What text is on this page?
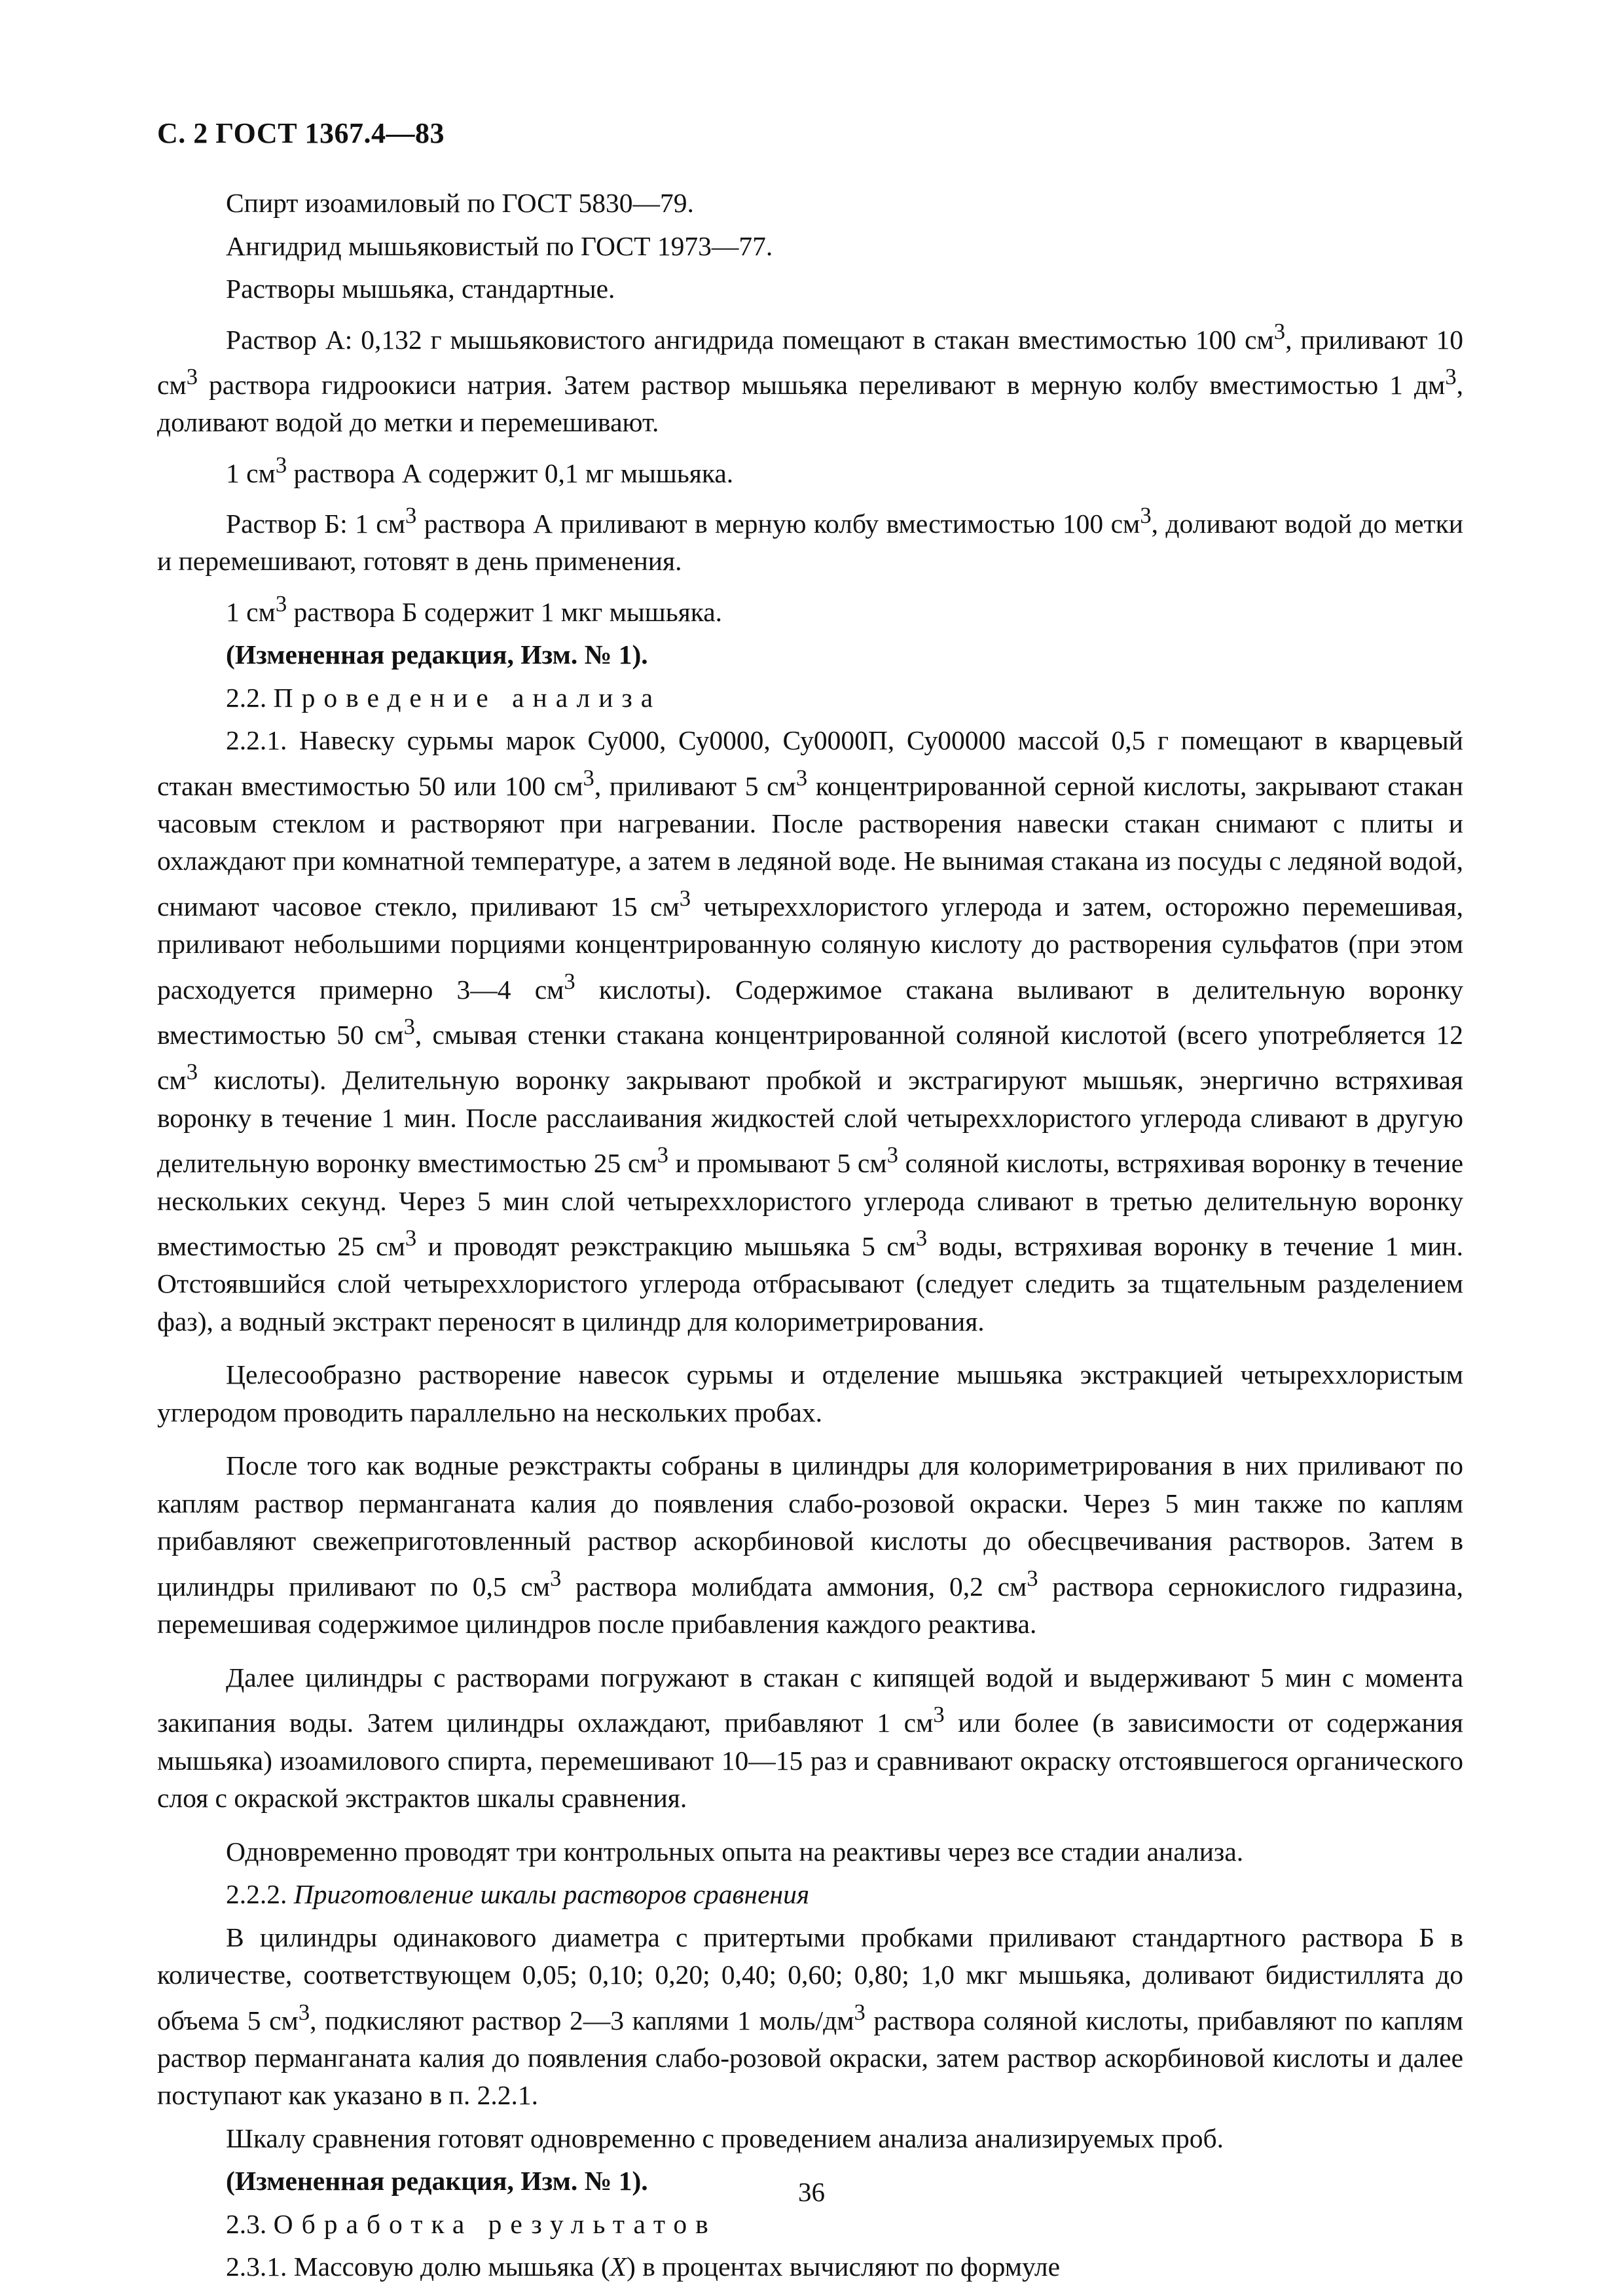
С. 2 ГОСТ 1367.4—83

Спирт изоамиловый по ГОСТ 5830—79.

Ангидрид мышьяковистый по ГОСТ 1973—77.

Растворы мышьяка, стандартные.

Раствор А: 0,132 г мышьяковистого ангидрида помещают в стакан вместимостью 100 $см^3$, приливают 10 $см^3$ раствора гидроокиси натрия. Затем раствор мышьяка переливают в мерную колбу вместимостью 1 $дм^3$, доливают водой до метки и перемешивают.

1 $см^3$ раствора А содержит 0,1 мг мышьяка.

Раствор Б: 1 $см^3$ раствора А приливают в мерную колбу вместимостью 100 $см^3$, доливают водой до метки и перемешивают, готовят в день применения.

1 $см^3$ раствора Б содержит 1 мкг мышьяка.

(Измененная редакция, Изм. № 1).

2.2. Проведение анализа

2.2.1. Навеску сурьмы марок Су000, Су0000, Су0000П, Су00000 массой 0,5 г помещают в кварцевый стакан вместимостью 50 или 100 $см^3$, приливают 5 $см^3$ концентрированной серной кислоты, закрывают стакан часовым стеклом и растворяют при нагревании. После растворения навески стакан снимают с плиты и охлаждают при комнатной температуре, а затем в ледяной воде. Не вынимая стакана из посуды с ледяной водой, снимают часовое стекло, приливают 15 $см^3$ четыреххлористого углерода и затем, осторожно перемешивая, приливают небольшими порциями концентрированную соляную кислоту до растворения сульфатов (при этом расходуется примерно 3—4 $см^3$ кислоты). Содержимое стакана выливают в делительную воронку вместимостью 50 $см^3$, смывая стенки стакана концентрированной соляной кислотой (всего употребляется 12 $см^3$ кислоты). Делительную воронку закрывают пробкой и экстрагируют мышьяк, энергично встряхивая воронку в течение 1 мин. После расслаивания жидкостей слой четыреххлористого углерода сливают в другую делительную воронку вместимостью 25 $см^3$ и промывают 5 $см^3$ соляной кислоты, встряхивая воронку в течение нескольких секунд. Через 5 мин слой четыреххлористого углерода сливают в третью делительную воронку вместимостью 25 $см^3$ и проводят реэкстракцию мышьяка 5 $см^3$ воды, встряхивая воронку в течение 1 мин. Отстоявшийся слой четыреххлористого углерода отбрасывают (следует следить за тщательным разделением фаз), а водный экстракт переносят в цилиндр для колориметрирования.

Целесообразно растворение навесок сурьмы и отделение мышьяка экстракцией четыреххлористым углеродом проводить параллельно на нескольких пробах.

После того как водные реэкстракты собраны в цилиндры для колориметрирования в них приливают по каплям раствор перманганата калия до появления слабо-розовой окраски. Через 5 мин также по каплям прибавляют свежеприготовленный раствор аскорбиновой кислоты до обесцвечивания растворов. Затем в цилиндры приливают по 0,5 $см^3$ раствора молибдата аммония, 0,2 $см^3$ раствора сернокислого гидразина, перемешивая содержимое цилиндров после прибавления каждого реактива.

Далее цилиндры с растворами погружают в стакан с кипящей водой и выдерживают 5 мин с момента закипания воды. Затем цилиндры охлаждают, прибавляют 1 $см^3$ или более (в зависимости от содержания мышьяка) изоамилового спирта, перемешивают 10—15 раз и сравнивают окраску отстоявшегося органического слоя с окраской экстрактов шкалы сравнения.

Одновременно проводят три контрольных опыта на реактивы через все стадии анализа.

2.2.2. Приготовление шкалы растворов сравнения

В цилиндры одинакового диаметра с притертыми пробками приливают стандартного раствора Б в количестве, соответствующем 0,05; 0,10; 0,20; 0,40; 0,60; 0,80; 1,0 мкг мышьяка, доливают бидистиллята до объема 5 $см^3$, подкисляют раствор 2—3 каплями 1 моль/$дм^3$ раствора соляной кислоты, прибавляют по каплям раствор перманганата калия до появления слабо-розовой окраски, затем раствор аскорбиновой кислоты и далее поступают как указано в п. 2.2.1.

Шкалу сравнения готовят одновременно с проведением анализа анализируемых проб.

(Измененная редакция, Изм. № 1).

2.3. Обработка результатов

2.3.1. Массовую долю мышьяка (X) в процентах вычисляют по формуле

36
